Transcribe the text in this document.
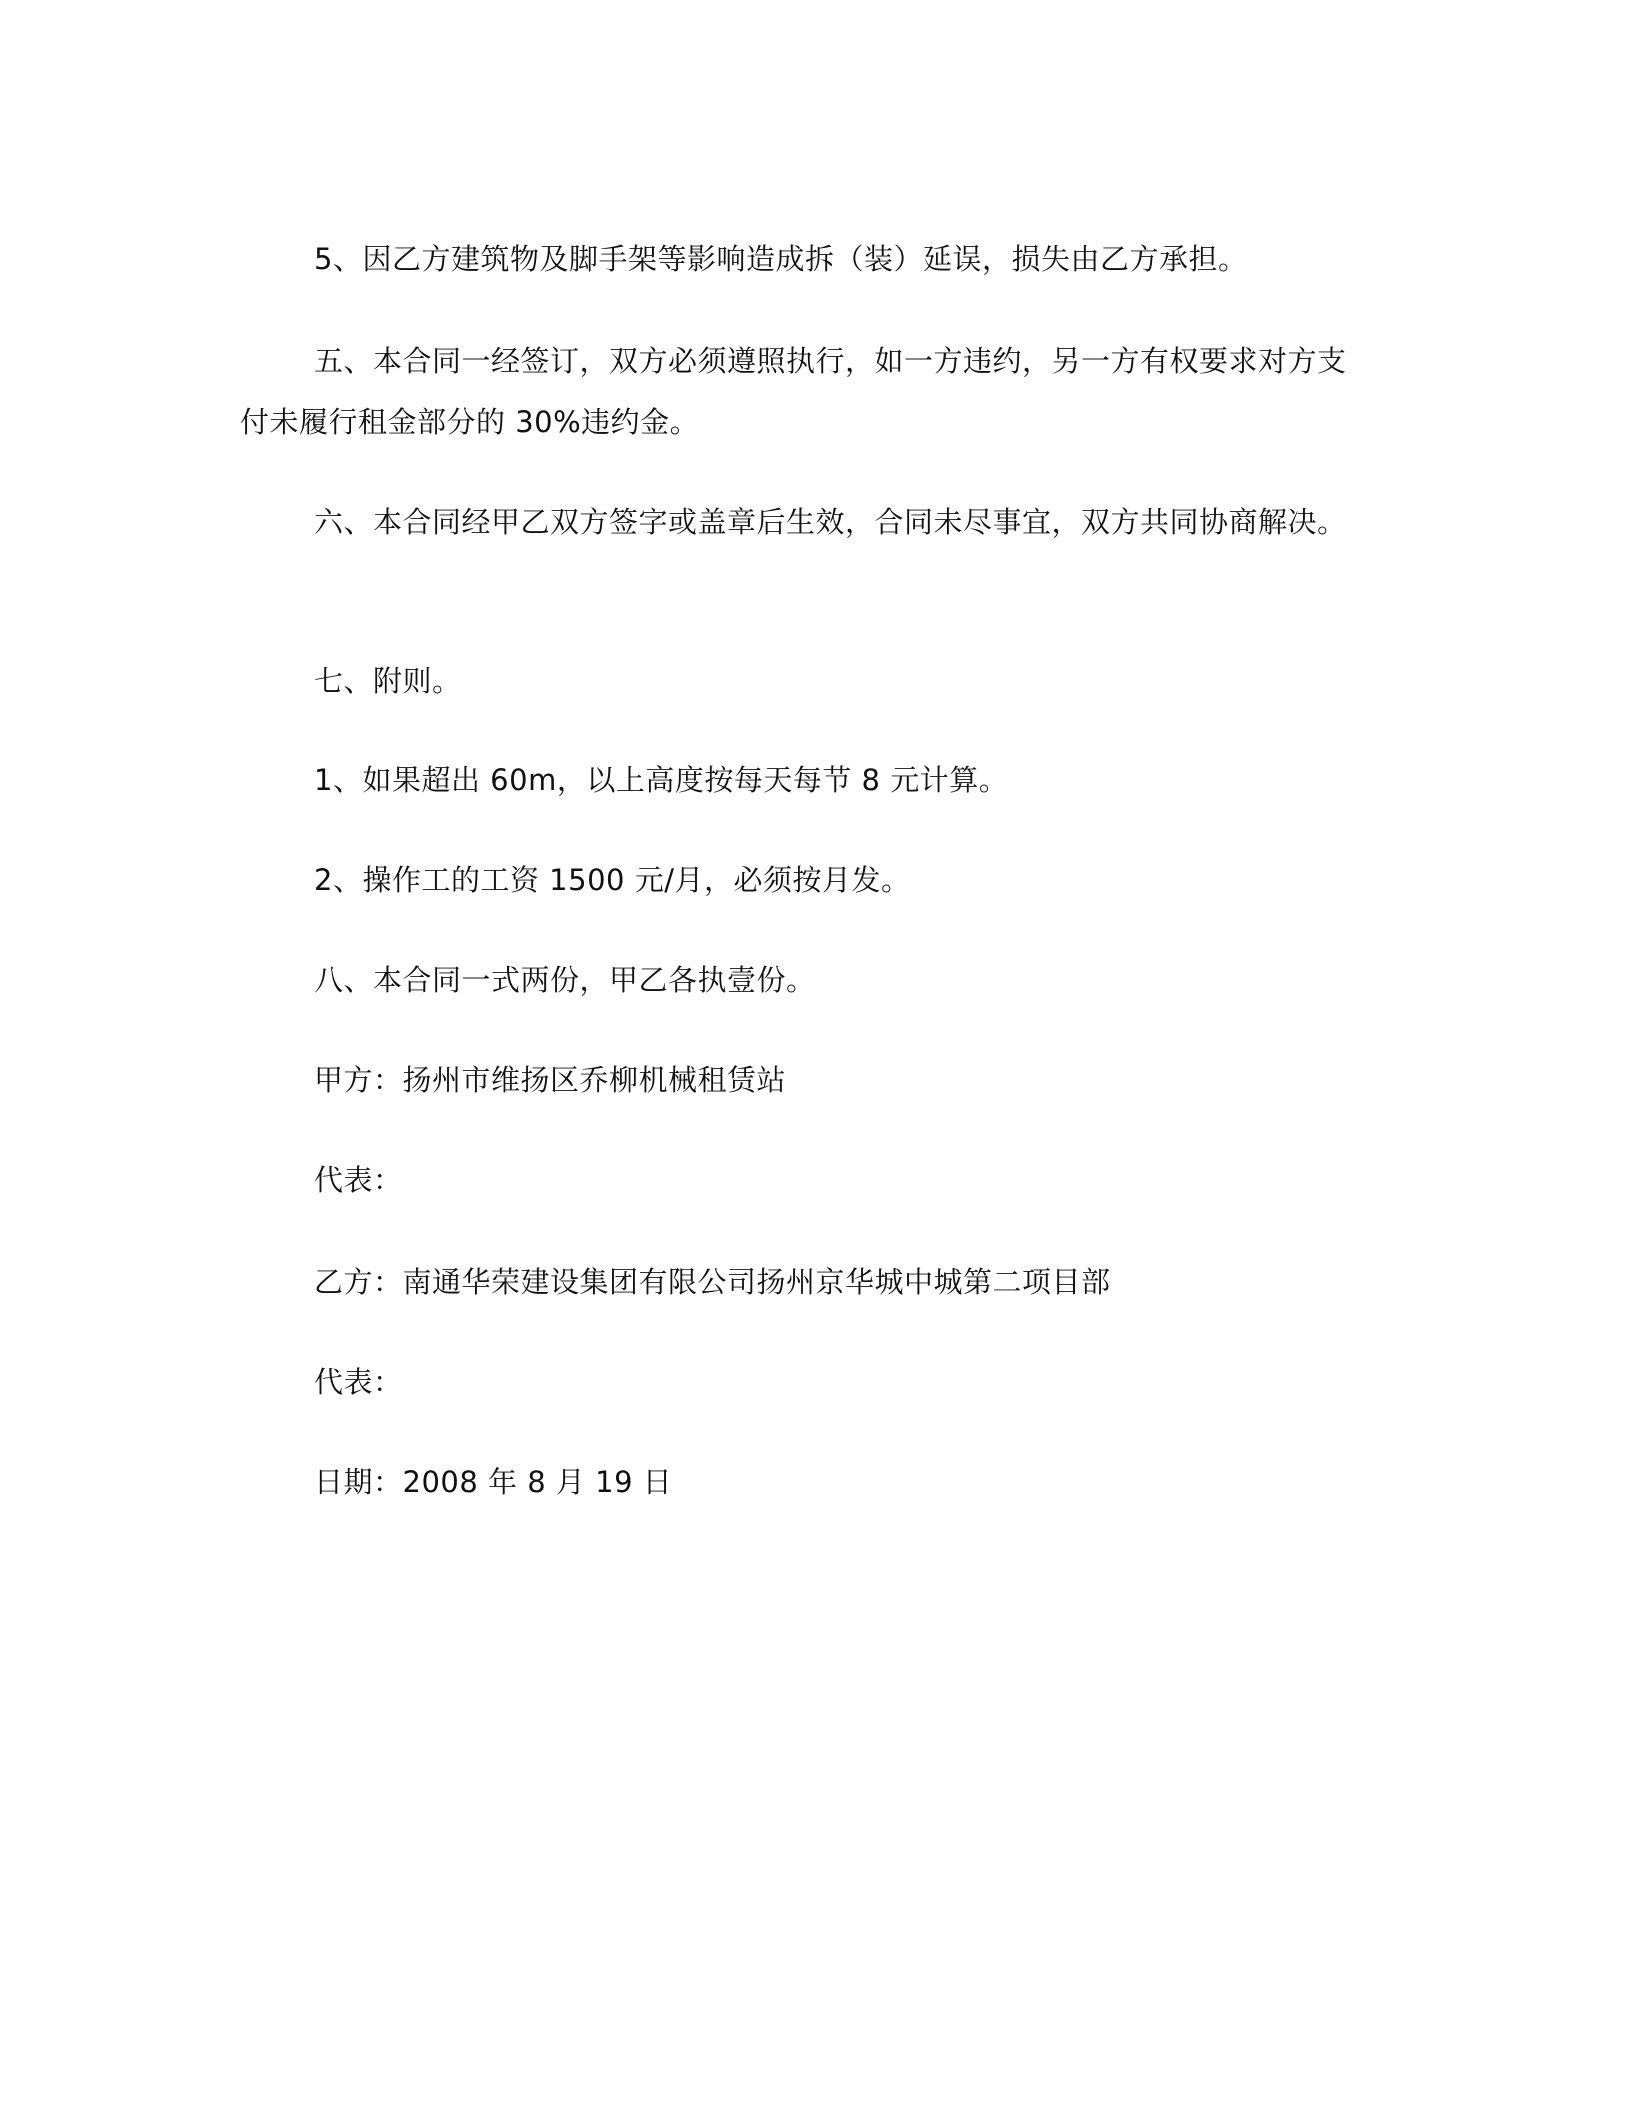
5、因乙方建筑物及脚手架等影响造成拆（装）延误，损失由乙方承担。

五、本合同一经签订，双方必须遵照执行，如一方违约，另一方有权要求对方支付未履行租金部分的 30%违约金。

六、本合同经甲乙双方签字或盖章后生效，合同未尽事宜，双方共同协商解决。

七、附则。

1、如果超出 60m，以上高度按每天每节 8 元计算。

2、操作工的工资 1500 元/月，必须按月发。

八、本合同一式两份，甲乙各执壹份。

甲方：扬州市维扬区乔柳机械租赁站

代表：

乙方：南通华荣建设集团有限公司扬州京华城中城第二项目部

代表：

日期：2008 年 8 月 19 日
